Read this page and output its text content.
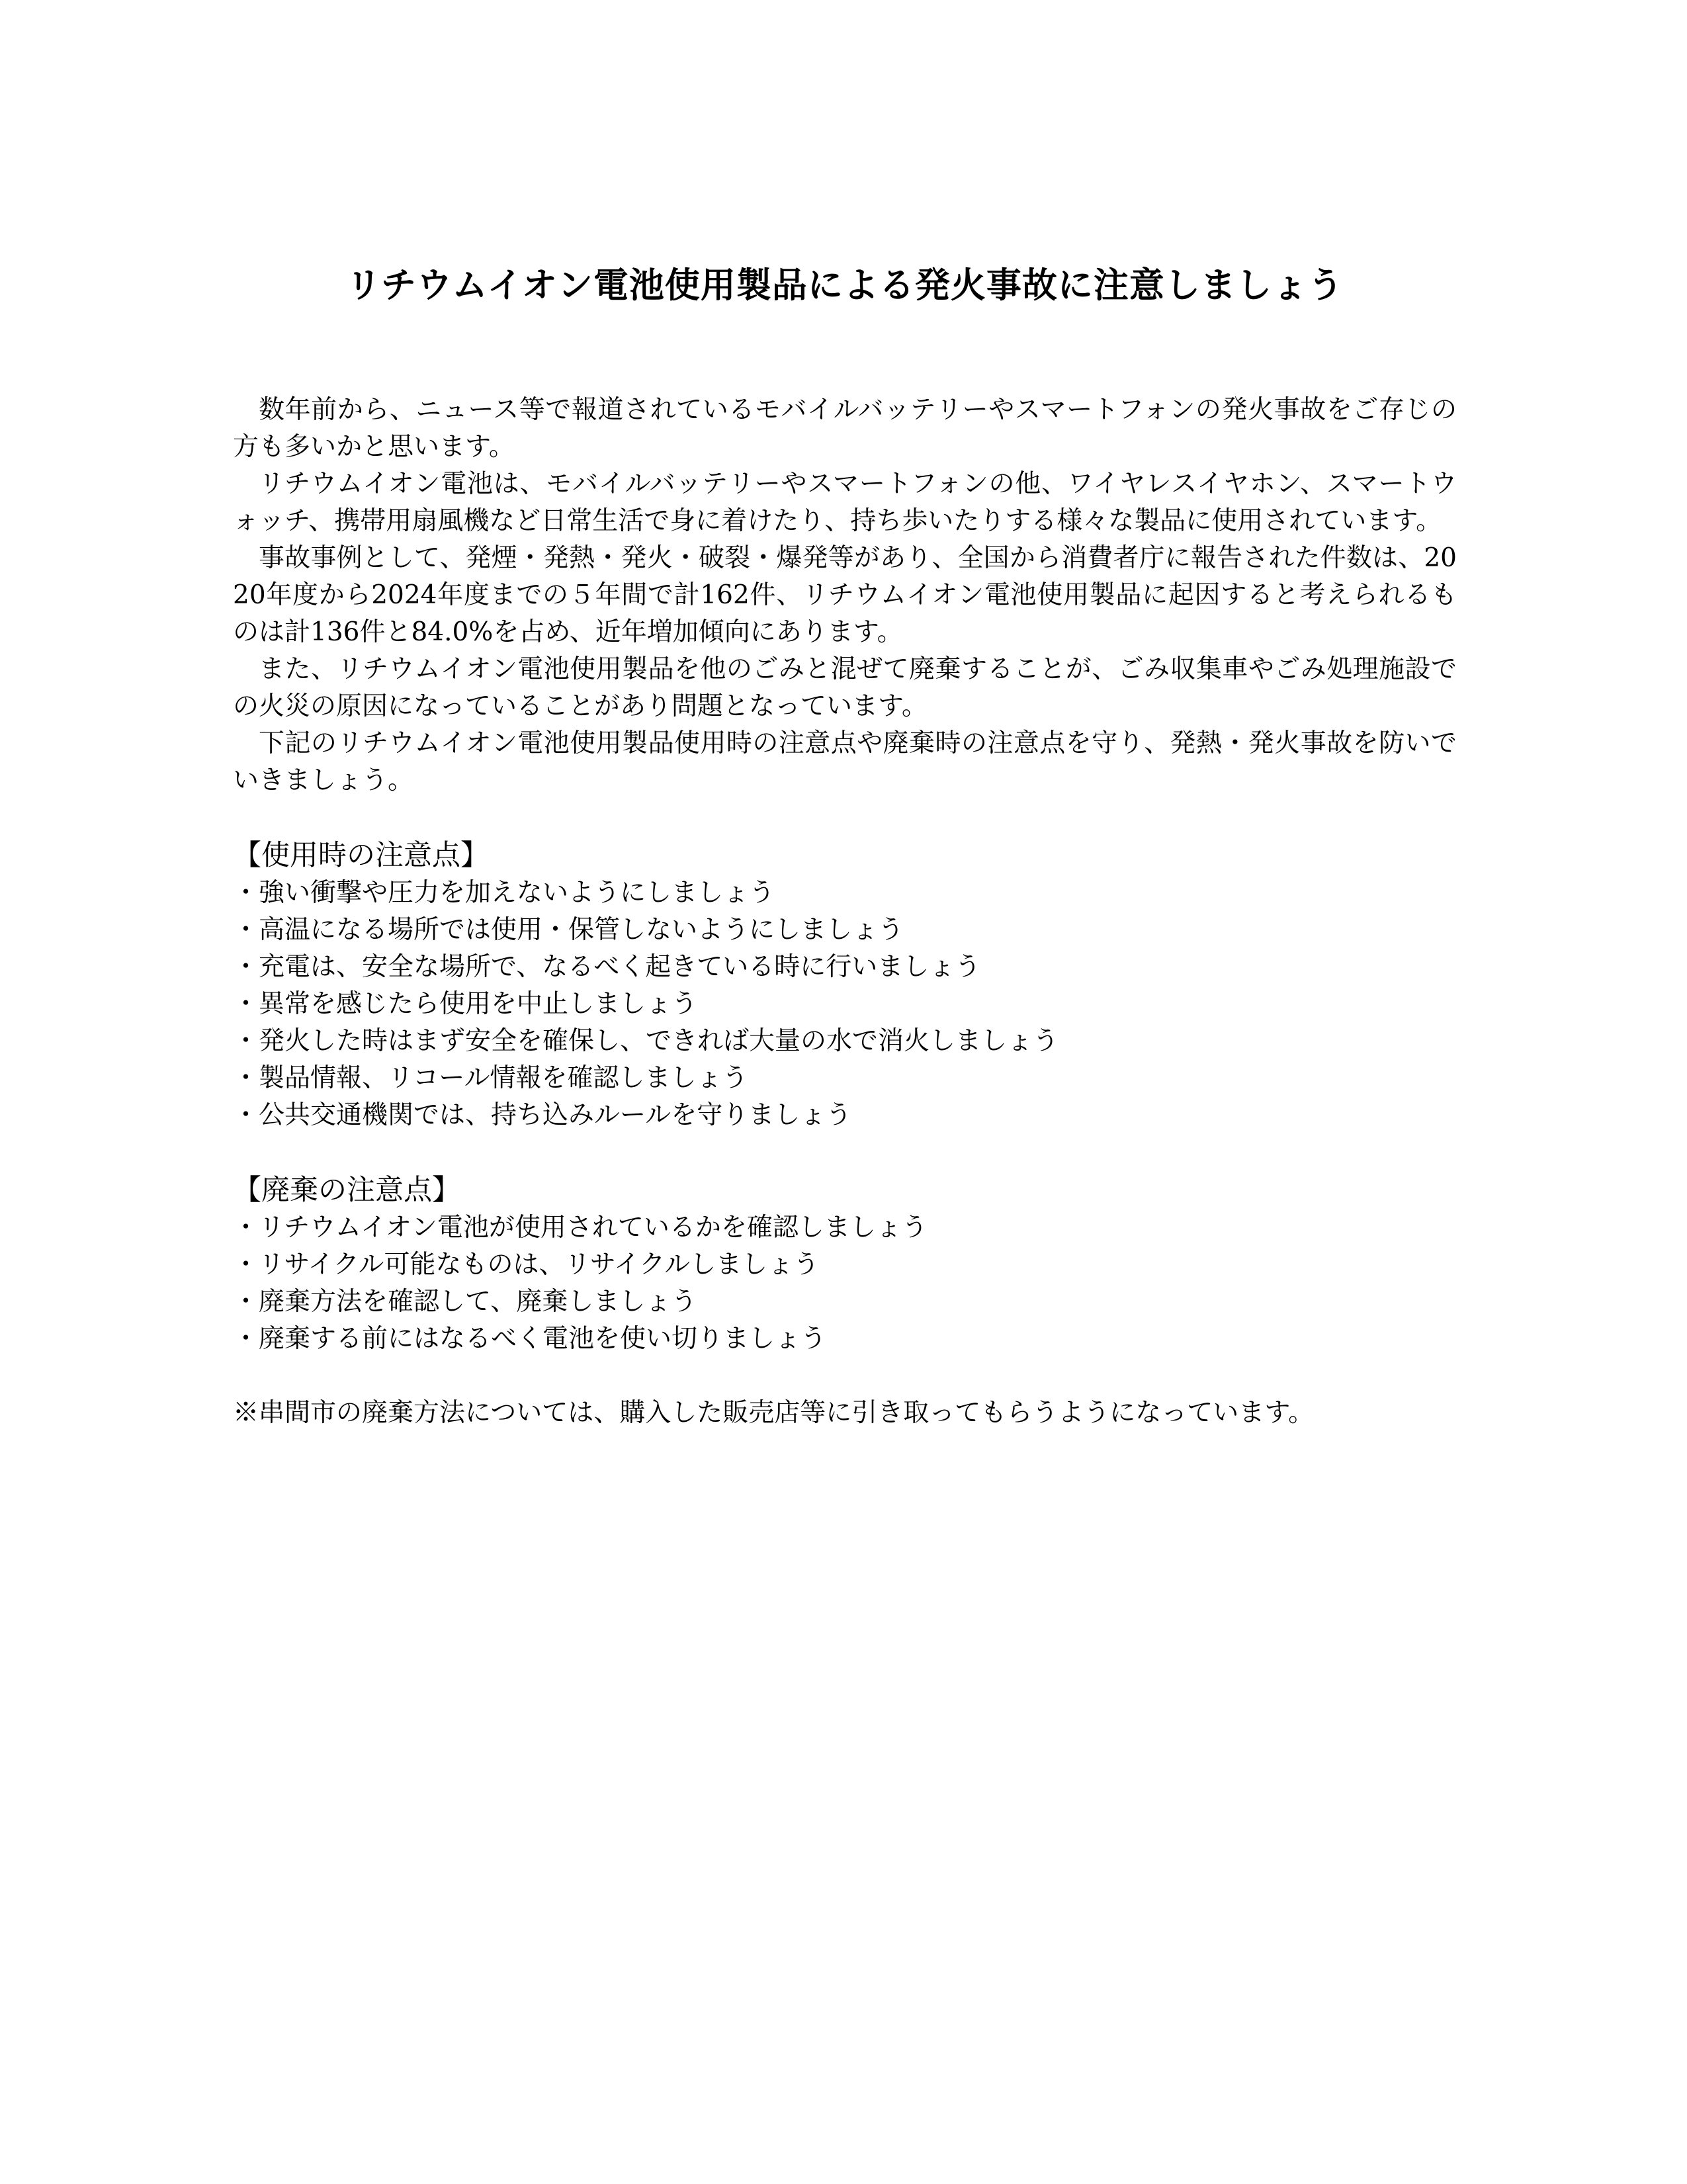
リチウムイオン電池使用製品による発火事故に注意しましょう

数年前から、ニュース等で報道されているモバイルバッテリーやスマートフォンの発火事故をご存じの方も多いかと思います。

リチウムイオン電池は、モバイルバッテリーやスマートフォンの他、ワイヤレスイヤホン、スマートウォッチ、携帯用扇風機など日常生活で身に着けたり、持ち歩いたりする様々な製品に使用されています。

事故事例として、発煙・発熱・発火・破裂・爆発等があり、全国から消費者庁に報告された件数は、2020年度から2024年度までの５年間で計162件、リチウムイオン電池使用製品に起因すると考えられるものは計136件と84.0%を占め、近年増加傾向にあります。

また、リチウムイオン電池使用製品を他のごみと混ぜて廃棄することが、ごみ収集車やごみ処理施設での火災の原因になっていることがあり問題となっています。

下記のリチウムイオン電池使用製品使用時の注意点や廃棄時の注意点を守り、発熱・発火事故を防いでいきましょう。

【使用時の注意点】
・強い衝撃や圧力を加えないようにしましょう
・高温になる場所では使用・保管しないようにしましょう
・充電は、安全な場所で、なるべく起きている時に行いましょう
・異常を感じたら使用を中止しましょう
・発火した時はまず安全を確保し、できれば大量の水で消火しましょう
・製品情報、リコール情報を確認しましょう
・公共交通機関では、持ち込みルールを守りましょう
【廃棄の注意点】
・リチウムイオン電池が使用されているかを確認しましょう
・リサイクル可能なものは、リサイクルしましょう
・廃棄方法を確認して、廃棄しましょう
・廃棄する前にはなるべく電池を使い切りましょう

※串間市の廃棄方法については、購入した販売店等に引き取ってもらうようになっています。
